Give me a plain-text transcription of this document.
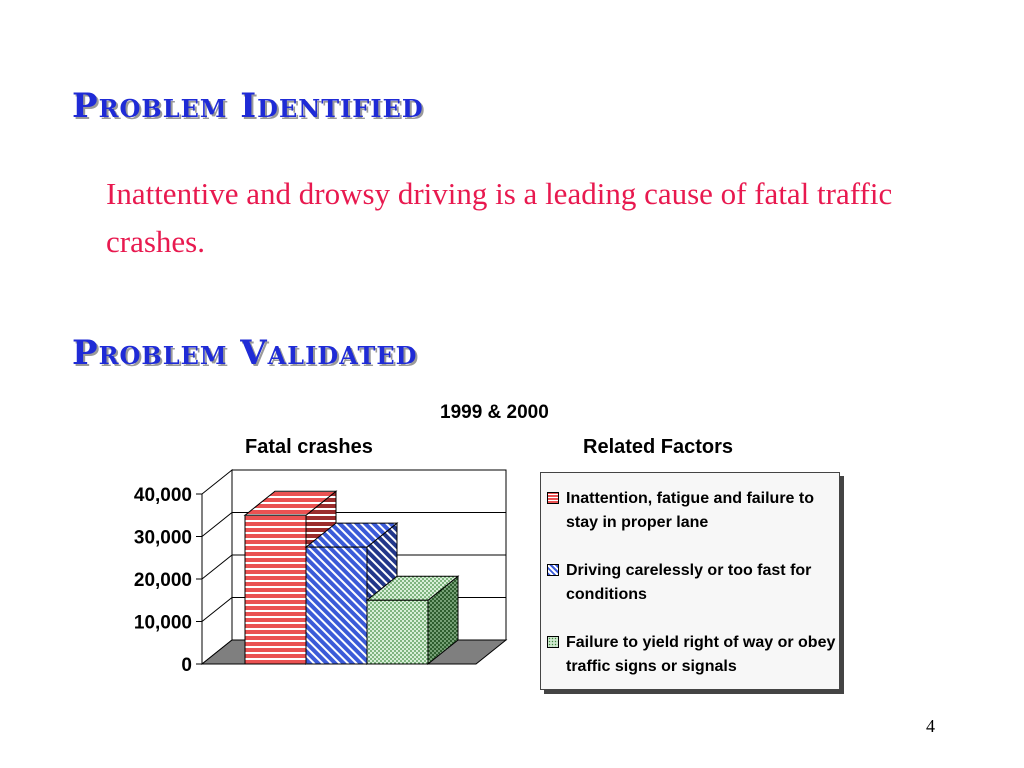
Problem Identified

Inattentive and drowsy driving is a leading cause of fatal traffic crashes.

Problem Validated
1999 & 2000
Fatal crashes	Related Factors
0
10,000
20,000
30,000
40,000	Inattention, fatigue and failure to stay in proper lane
Driving carelessly or too fast for conditions
Failure to yield right of way or obey traffic signs or signals
4
